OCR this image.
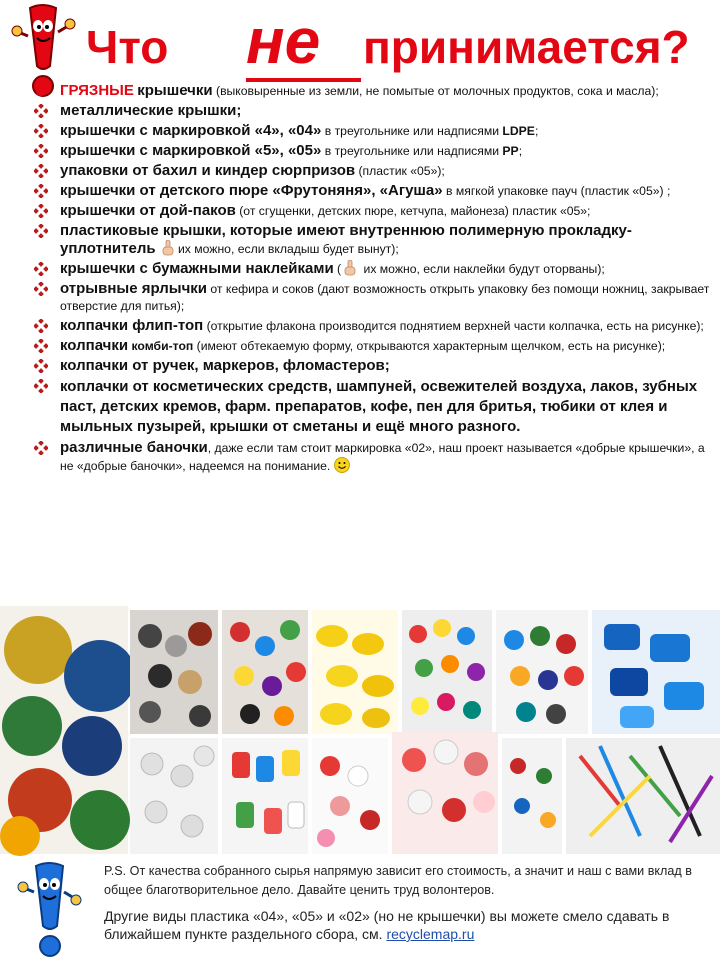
Что не принимается?
ГРЯЗНЫЕ крышечки (выковыренные из земли, не помытые от молочных продуктов, сока и масла);
металлические крышки;
крышечки с маркировкой «4», «04» в треугольнике или надписями LDPE;
крышечки с маркировкой «5», «05» в треугольнике или надписями PP;
упаковки от бахил и киндер сюрпризов (пластик «05»);
крышечки от детского пюре «Фрутоняня», «Агуша» в мягкой упаковке пауч (пластик «05») ;
крышечки от дой-паков (от сгущенки, детских пюре, кетчупа, майонеза) пластик «05»;
пластиковые крышки, которые имеют внутреннюю полимерную прокладку-уплотнитель их можно, если вкладыш будет вынут);
крышечки с бумажными наклейками ( их можно, если наклейки будут оторваны);
отрывные ярлычки от кефира и соков (дают возможность открыть упаковку без помощи ножниц, закрывает отверстие для питья);
колпачки флип-топ (открытие флакона производится поднятием верхней части колпачка, есть на рисунке);
колпачки комби-топ (имеют обтекаемую форму, открываются характерным щелчком, есть на рисунке);
колпачки от ручек, маркеров, фломастеров;
коплачки от косметических средств, шампуней, освежителей воздуха, лаков, зубных паст, детских кремов, фарм. препаратов, кофе, пен для бритья, тюбики от клея и мыльных пузырей, крышки от сметаны и ещё много разного.
различные баночки, даже если там стоит маркировка «02», наш проект называется «добрые крышечки», а не «добрые баночки», надеемся на понимание.
P.S. От качества собранного сырья напрямую зависит его стоимость, а значит и наш с вами вклад в общее благотворительное дело. Давайте ценить труд волонтеров.
Другие виды пластика «04», «05» и «02» (но не крышечки) вы можете смело сдавать в ближайшем пункте раздельного сбора, см. recyclemap.ru
